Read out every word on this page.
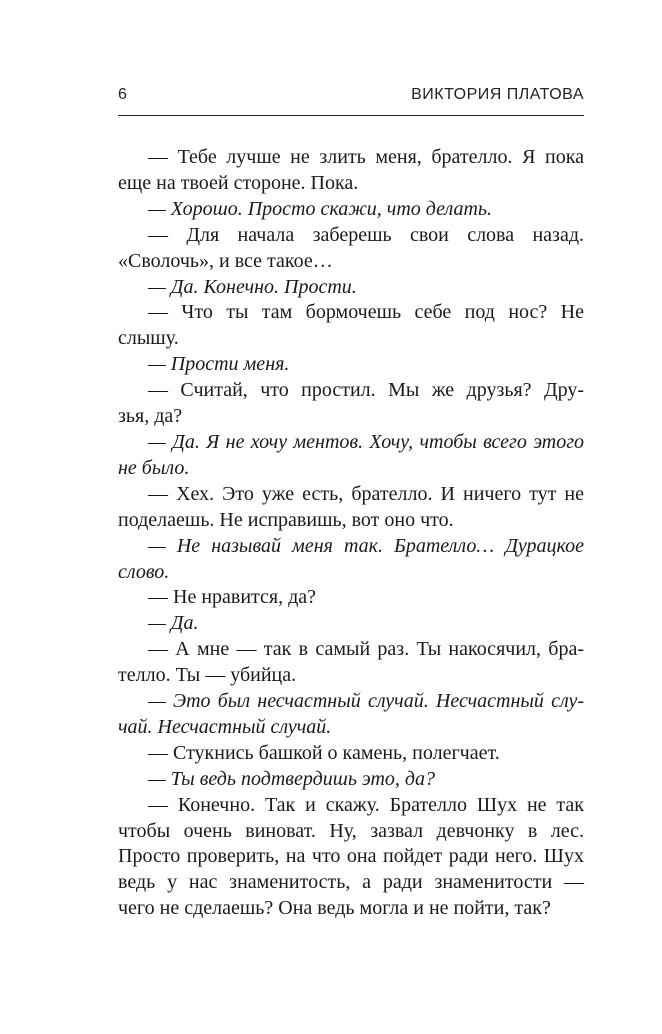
6	ВИКТОРИЯ ПЛАТОВА
— Тебе лучше не злить меня, брателло. Я пока
еще на твоей стороне. Пока.
— Хорошо. Просто скажи, что делать.
— Для начала заберешь свои слова назад.
«Сволочь», и все такое…
— Да. Конечно. Прости.
— Что ты там бормочешь себе под нос? Не
слышу.
— Прости меня.
— Считай, что простил. Мы же друзья? Дру-
зья, да?
— Да. Я не хочу ментов. Хочу, чтобы всего этого
не было.
— Хех. Это уже есть, брателло. И ничего тут не
поделаешь. Не исправишь, вот оно что.
— Не называй меня так. Брателло… Дурацкое
слово.
— Не нравится, да?
— Да.
— А мне — так в самый раз. Ты накосячил, бра-
телло. Ты — убийца.
— Это был несчастный случай. Несчастный слу-
чай. Несчастный случай.
— Стукнись башкой о камень, полегчает.
— Ты ведь подтвердишь это, да?
— Конечно. Так и скажу. Брателло Шух не так
чтобы очень виноват. Ну, зазвал девчонку в лес.
Просто проверить, на что она пойдет ради него. Шух
ведь у нас знаменитость, а ради знаменитости —
чего не сделаешь? Она ведь могла и не пойти, так?
